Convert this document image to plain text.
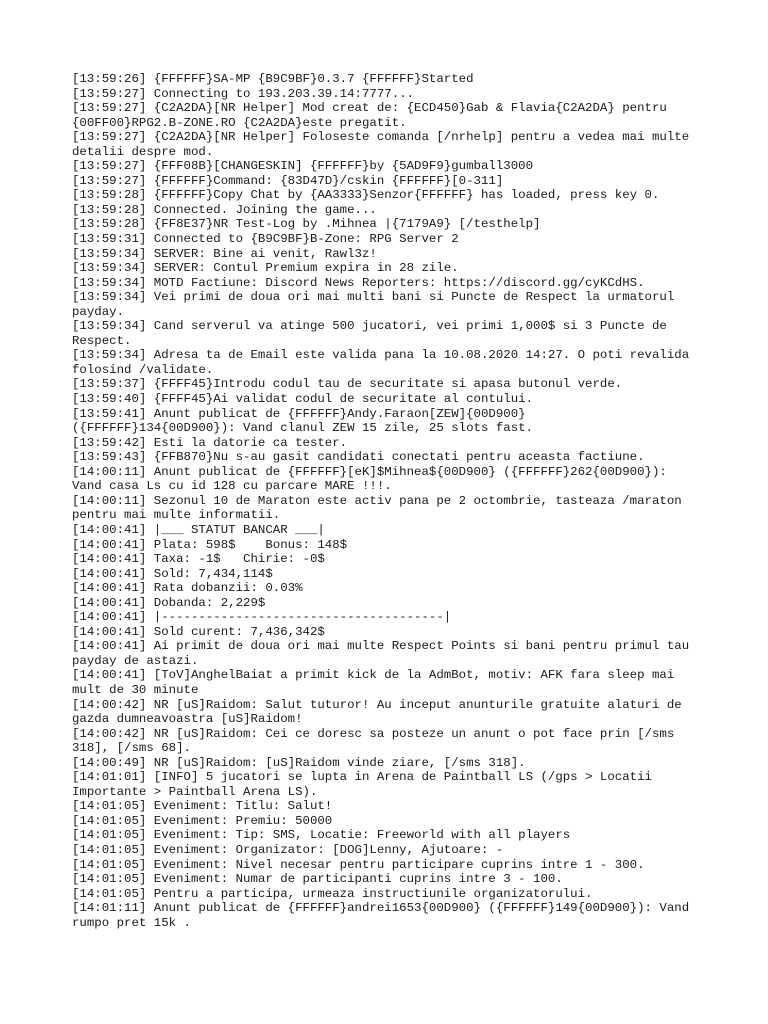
[13:59:26] {FFFFFF}SA-MP {B9C9BF}0.3.7 {FFFFFF}Started

[13:59:27] Connecting to 193.203.39.14:7777...

[13:59:27] {C2A2DA}[NR Helper] Mod creat de: {ECD450}Gab & Flavia{C2A2DA} pentru
{00FF00}RPG2.B-ZONE.RO {C2A2DA}este pregatit.

[13:59:27] {C2A2DA}[NR Helper] Foloseste comanda [/nrhelp] pentru a vedea mai multe
detalii despre mod.

[13:59:27] {FFF08B}[CHANGESKIN] {FFFFFF}by {5AD9F9}gumball3000

[13:59:27] {FFFFFF}Command: {83D47D}/cskin {FFFFFF}[0-311]

[13:59:28] {FFFFFF}Copy Chat by {AA3333}Senzor{FFFFFF} has loaded, press key 0.

[13:59:28] Connected. Joining the game...

[13:59:28] {FF8E37}NR Test-Log by .Mihnea |{7179A9} [/testhelp]

[13:59:31] Connected to {B9C9BF}B-Zone: RPG Server 2

[13:59:34] SERVER: Bine ai venit, Rawl3z!

[13:59:34] SERVER: Contul Premium expira in 28 zile.

[13:59:34] MOTD Factiune: Discord News Reporters: https://discord.gg/cyKCdHS.

[13:59:34] Vei primi de doua ori mai multi bani si Puncte de Respect la urmatorul
payday.

[13:59:34] Cand serverul va atinge 500 jucatori, vei primi 1,000$ si 3 Puncte de
Respect.

[13:59:34] Adresa ta de Email este valida pana la 10.08.2020 14:27. O poti revalida
folosind /validate.

[13:59:37] {FFFF45}Introdu codul tau de securitate si apasa butonul verde.

[13:59:40] {FFFF45}Ai validat codul de securitate al contului.

[13:59:41] Anunt publicat de {FFFFFF}Andy.Faraon[ZEW]{00D900}
({FFFFFF}134{00D900}): Vand clanul ZEW 15 zile, 25 slots fast.

[13:59:42] Esti la datorie ca tester.

[13:59:43] {FFB870}Nu s-au gasit candidati conectati pentru aceasta factiune.

[14:00:11] Anunt publicat de {FFFFFF}[eK]$Mihnea${00D900} ({FFFFFF}262{00D900}):
Vand casa Ls cu id 128 cu parcare MARE !!!.

[14:00:11] Sezonul 10 de Maraton este activ pana pe 2 octombrie, tasteaza /maraton
pentru mai multe informatii.

[14:00:41] |___ STATUT BANCAR ___|

[14:00:41] Plata: 598$    Bonus: 148$

[14:00:41] Taxa: -1$   Chirie: -0$

[14:00:41] Sold: 7,434,114$

[14:00:41] Rata dobanzii: 0.03%

[14:00:41] Dobanda: 2,229$

[14:00:41] |--------------------------------------|

[14:00:41] Sold curent: 7,436,342$

[14:00:41] Ai primit de doua ori mai multe Respect Points si bani pentru primul tau
payday de astazi.

[14:00:41] [ToV]AnghelBaiat a primit kick de la AdmBot, motiv: AFK fara sleep mai
mult de 30 minute

[14:00:42] NR [uS]Raidom: Salut tuturor! Au inceput anunturile gratuite alaturi de
gazda dumneavoastra [uS]Raidom!

[14:00:42] NR [uS]Raidom: Cei ce doresc sa posteze un anunt o pot face prin [/sms
318], [/sms 68].

[14:00:49] NR [uS]Raidom: [uS]Raidom vinde ziare, [/sms 318].

[14:01:01] [INFO] 5 jucatori se lupta in Arena de Paintball LS (/gps > Locatii
Importante > Paintball Arena LS).

[14:01:05] Eveniment: Titlu: Salut!

[14:01:05] Eveniment: Premiu: 50000

[14:01:05] Eveniment: Tip: SMS, Locatie: Freeworld with all players

[14:01:05] Eveniment: Organizator: [DOG]Lenny, Ajutoare: -

[14:01:05] Eveniment: Nivel necesar pentru participare cuprins intre 1 - 300.

[14:01:05] Eveniment: Numar de participanti cuprins intre 3 - 100.

[14:01:05] Pentru a participa, urmeaza instructiunile organizatorului.

[14:01:11] Anunt publicat de {FFFFFF}andrei1653{00D900} ({FFFFFF}149{00D900}): Vand
rumpo pret 15k .
